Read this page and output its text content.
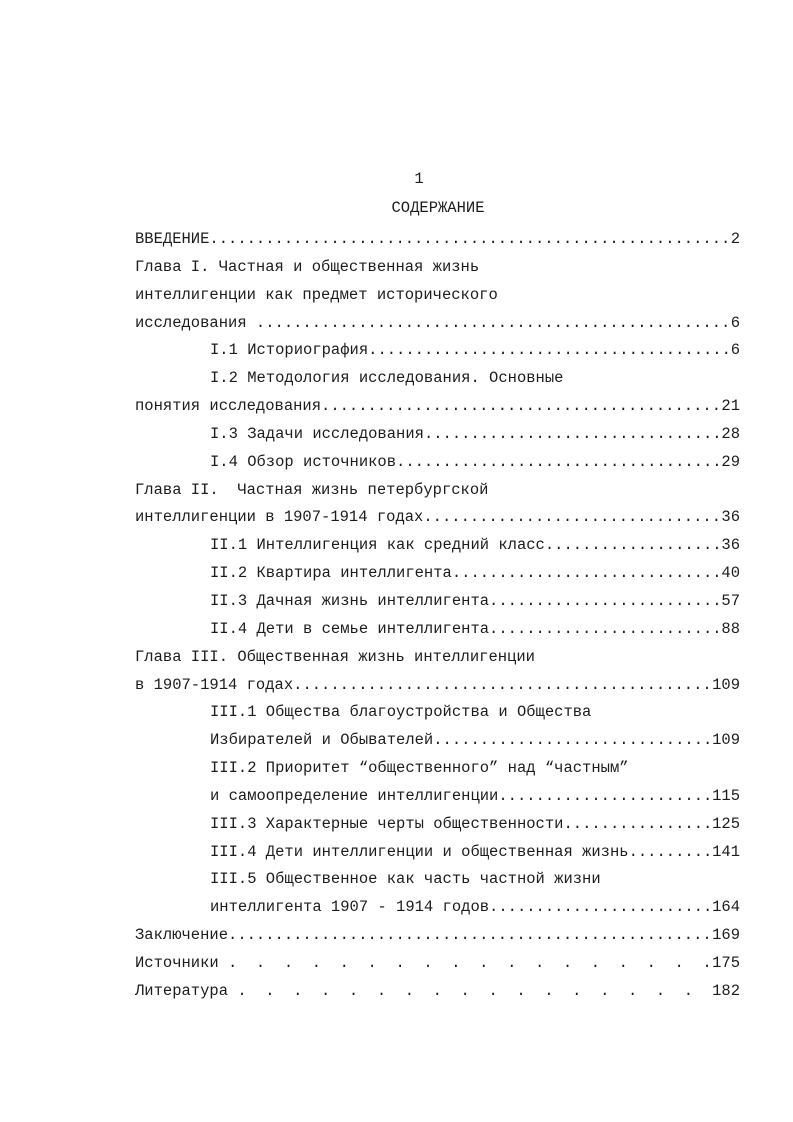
1
СОДЕРЖАНИЕ
ВВЕДЕНИЕ .....	2
Глава I. Частная и общественная жизнь
интеллигенции как предмет исторического
исследования .....	6
I.1 Историография .....	6
I.2 Методология исследования. Основные
понятия исследования .....	21
I.3 Задачи исследования .....	28
I.4 Обзор источников .....	29
Глава II.  Частная жизнь петербургской
интеллигенции в 1907-1914 годах .....	36
II.1 Интеллигенция как средний класс .....	36
II.2 Квартира интеллигента .....	40
II.3 Дачная жизнь интеллигента .....	57
II.4 Дети в семье интеллигента .....	88
Глава III. Общественная жизнь интеллигенции
в 1907-1914 годах .....	109
III.1 Общества благоустройства и Общества
Избирателей и Обывателей .....	109
III.2 Приоритет “общественного” над “частным”
и самоопределение интеллигенции .....	115
III.3 Характерные черты общественности .....	125
III.4 Дети интеллигенции и общественная жизнь .....	141
III.5 Общественное как часть частной жизни
интеллигента 1907 - 1914 годов .....	164
Заключение .....	169
Источники . .	175
Литература . .	182
